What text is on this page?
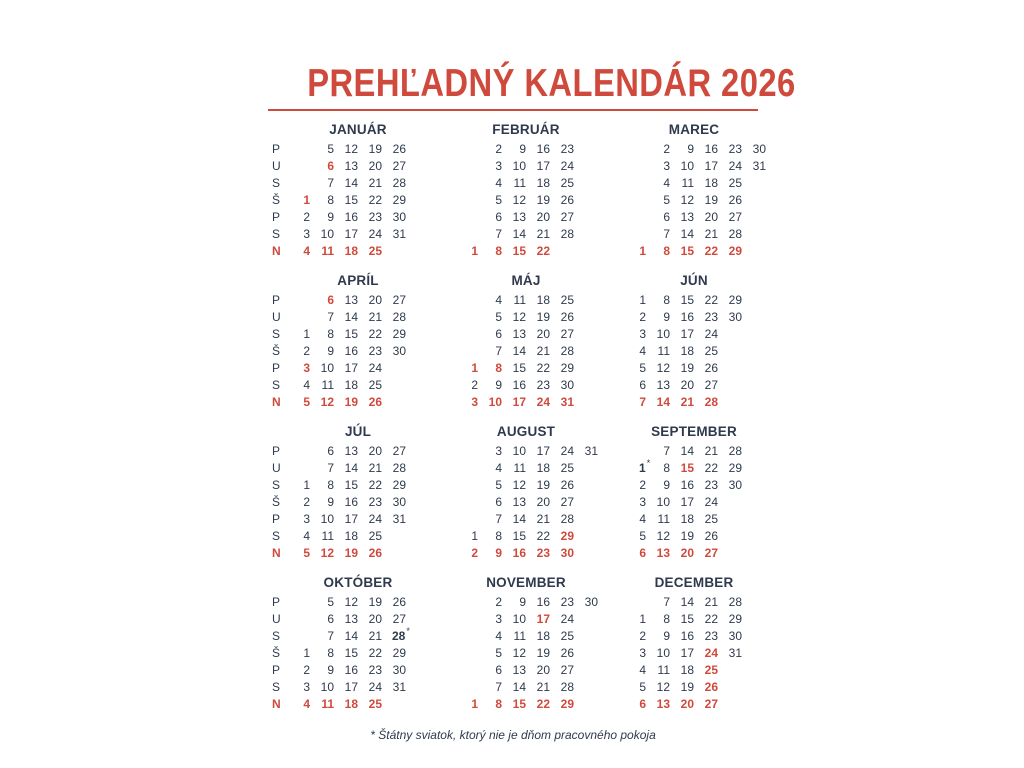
PREHĽADNÝ KALENDÁR 2026
JANUÁR
P
U
S
Š
P
S
N
1
2
3
4
5
6
7
8
9
10
11
12
13
14
15
16
17
18
19
20
21
22
23
24
25
26
27
28
29
30
31
FEBRUÁR
1
2
3
4
5
6
7
8
9
10
11
12
13
14
15
16
17
18
19
20
21
22
23
24
25
26
27
28
MAREC
1
2
3
4
5
6
7
8
9
10
11
12
13
14
15
16
17
18
19
20
21
22
23
24
25
26
27
28
29
30
31
APRÍL
P
U
S
Š
P
S
N
1
2
3
4
5
6
7
8
9
10
11
12
13
14
15
16
17
18
19
20
21
22
23
24
25
26
27
28
29
30
MÁJ
1
2
3
4
5
6
7
8
9
10
11
12
13
14
15
16
17
18
19
20
21
22
23
24
25
26
27
28
29
30
31
JÚN
1
2
3
4
5
6
7
8
9
10
11
12
13
14
15
16
17
18
19
20
21
22
23
24
25
26
27
28
29
30
JÚL
P
U
S
Š
P
S
N
1
2
3
4
5
6
7
8
9
10
11
12
13
14
15
16
17
18
19
20
21
22
23
24
25
26
27
28
29
30
31
AUGUST
1
2
3
4
5
6
7
8
9
10
11
12
13
14
15
16
17
18
19
20
21
22
23
24
25
26
27
28
29
30
31
SEPTEMBER
1*
2
3
4
5
6
7
8
9
10
11
12
13
14
15
16
17
18
19
20
21
22
23
24
25
26
27
28
29
30
OKTÓBER
P
U
S
Š
P
S
N
1
2
3
4
5
6
7
8
9
10
11
12
13
14
15
16
17
18
19
20
21
22
23
24
25
26
27
28*
29
30
31
NOVEMBER
1
2
3
4
5
6
7
8
9
10
11
12
13
14
15
16
17
18
19
20
21
22
23
24
25
26
27
28
29
30
DECEMBER
1
2
3
4
5
6
7
8
9
10
11
12
13
14
15
16
17
18
19
20
21
22
23
24
25
26
27
28
29
30
31
* Štátny sviatok, ktorý nie je dňom pracovného pokoja
